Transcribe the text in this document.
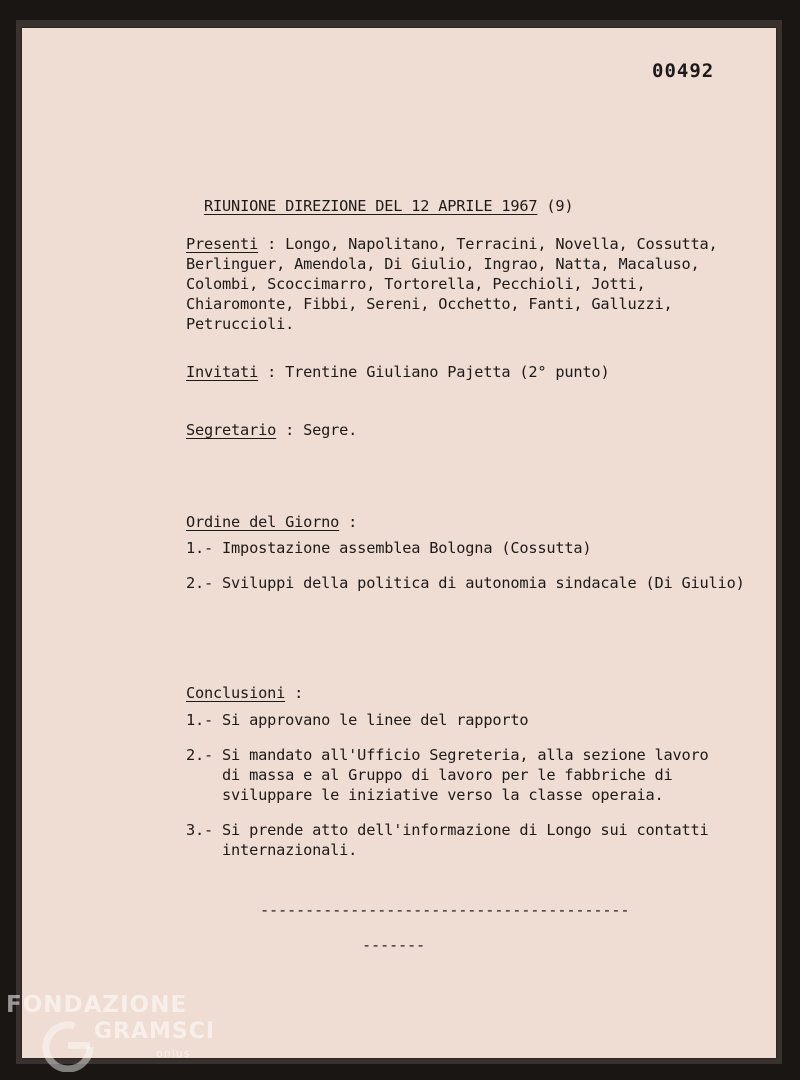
00492

RIUNIONE DIREZIONE DEL 12 APRILE 1967 (9)

Presenti : Longo, Napolitano, Terracini, Novella, Cossutta,
Berlinguer, Amendola, Di Giulio, Ingrao, Natta, Macaluso,
Colombi, Scoccimarro, Tortorella, Pecchioli, Jotti,
Chiaromonte, Fibbi, Sereni, Occhetto, Fanti, Galluzzi,
Petruccioli.
Invitati : Trentine Giuliano Pajetta (2° punto)
Segretario : Segre.
Ordine del Giorno :
1.- Impostazione assemblea Bologna (Cossutta)
2.- Sviluppi della politica di autonomia sindacale (Di Giulio)
Conclusioni :
1.- Si approvano le linee del rapporto
2.- Si mandato all'Ufficio Segreteria, alla sezione lavoro
di massa e al Gruppo di lavoro per le fabbriche di
sviluppare le iniziative verso la classe operaia.
3.- Si prende atto dell'informazione di Longo sui contatti
internazionali.
-----------------------------------------
-------
FONDAZIONE
GRAMSCI
onlus
